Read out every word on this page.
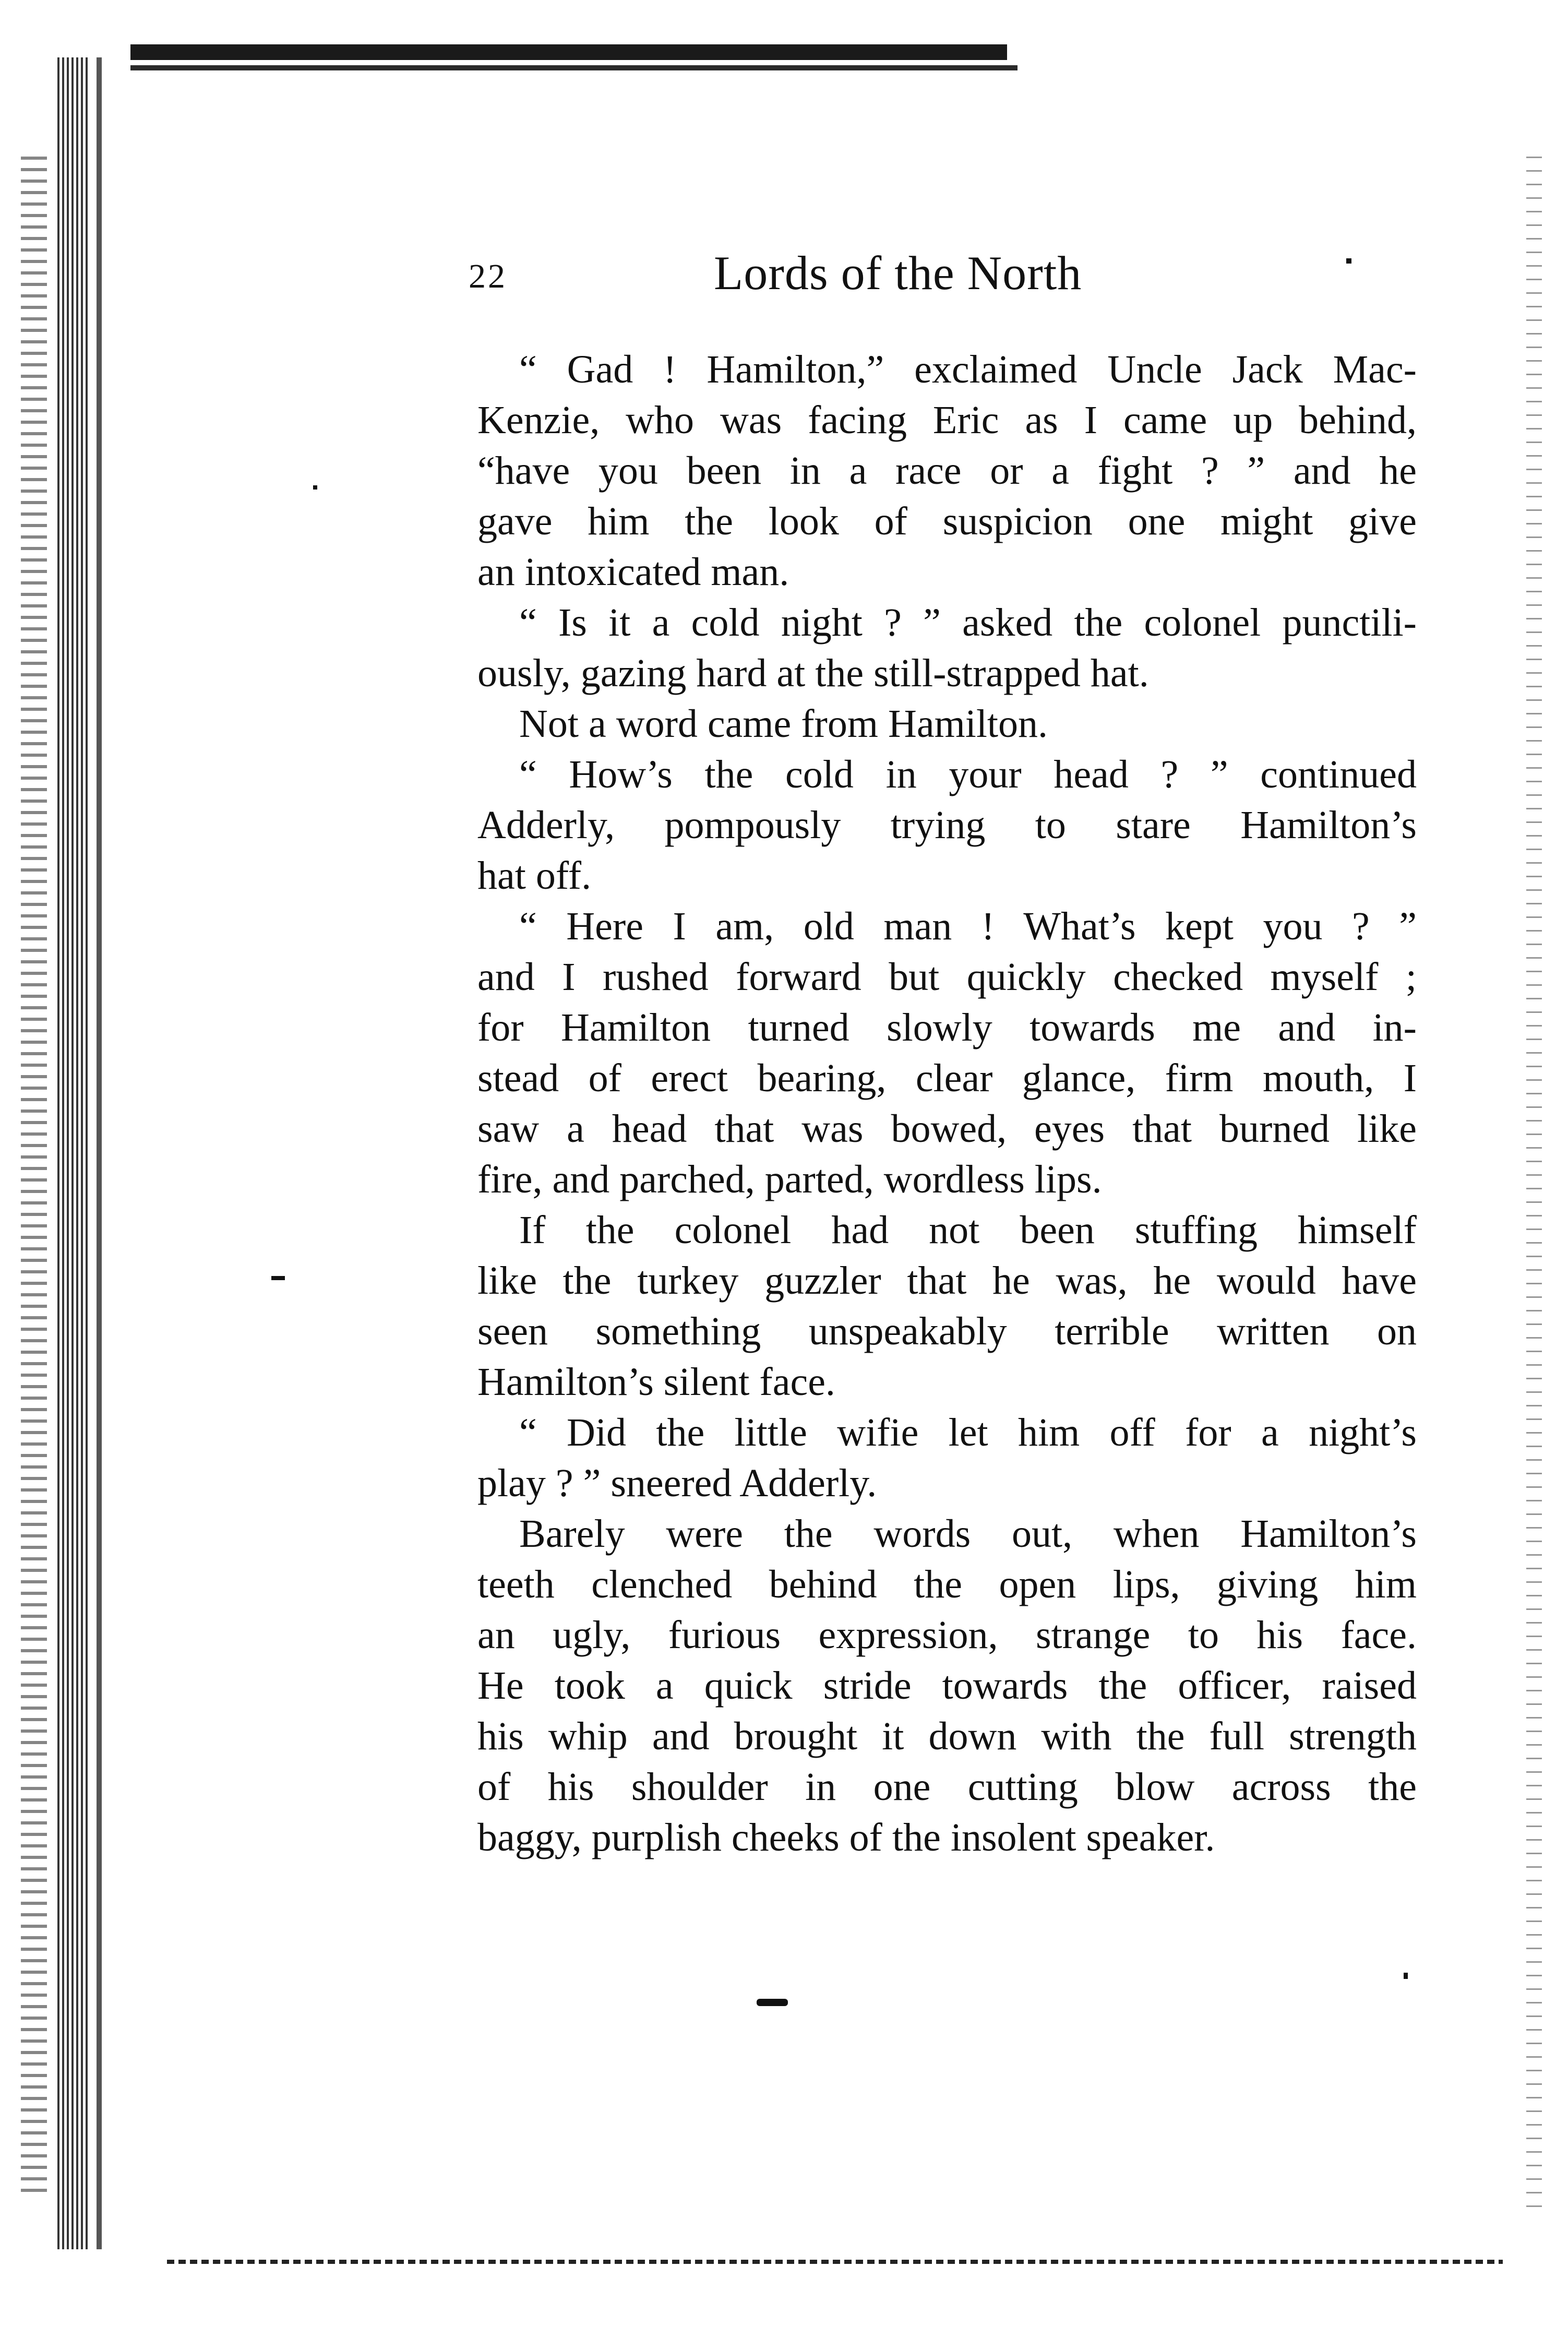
22	Lords of the North

“ Gad ! Hamilton,” exclaimed Uncle Jack Mac-
Kenzie, who was facing Eric as I came up behind,
“have you been in a race or a fight ? ” and he
gave him the look of suspicion one might give
an intoxicated man.

“ Is it a cold night ? ” asked the colonel punctili-
ously, gazing hard at the still-strapped hat.

Not a word came from Hamilton.

“ How’s the cold in your head ? ” continued
Adderly, pompously trying to stare Hamilton’s
hat off.

“ Here I am, old man ! What’s kept you ? ”
and I rushed forward but quickly checked myself ;
for Hamilton turned slowly towards me and in-
stead of erect bearing, clear glance, firm mouth, I
saw a head that was bowed, eyes that burned like
fire, and parched, parted, wordless lips.

If the colonel had not been stuffing himself
like the turkey guzzler that he was, he would have
seen something unspeakably terrible written on
Hamilton’s silent face.

“ Did the little wifie let him off for a night’s
play ? ” sneered Adderly.

Barely were the words out, when Hamilton’s
teeth clenched behind the open lips, giving him
an ugly, furious expression, strange to his face.
He took a quick stride towards the officer, raised
his whip and brought it down with the full strength
of his shoulder in one cutting blow across the
baggy, purplish cheeks of the insolent speaker.
